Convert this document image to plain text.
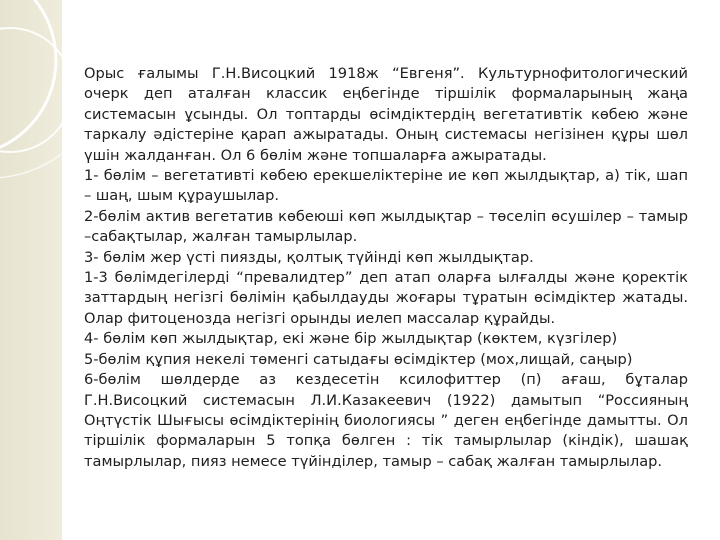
Орыс ғалымы Г.Н.Висоцкий 1918ж “Евгеня”. Культурнофитологический очерк деп аталған классик еңбегінде тіршілік формаларының жаңа системасын ұсынды. Ол топтарды өсімдіктердің вегетативтік көбею және таркалу әдістеріне қарап ажыратады. Оның системасы негізінен құры шөл үшін жалданған. Ол 6 бөлім және топшаларға ажыратады.

1- бөлім – вегетативті көбею ерекшеліктеріне ие көп жылдықтар, а) тік, шап – шаң, шым құраушылар.

2-бөлім актив вегетатив көбеюші көп жылдықтар – төселіп өсушілер – тамыр –сабақтылар, жалған тамырлылар.

3- бөлім жер үсті пиязды, қолтық түйінді көп жылдықтар.

1-3 бөлімдегілерді “превалидтер” деп атап оларға ылғалды және қоректік заттардың негізгі бөлімін қабылдауды жоғары тұратын өсімдіктер жатады. Олар фитоценозда негізгі орынды иелеп массалар құрайды.

4- бөлім көп жылдықтар, екі және бір жылдықтар (көктем, күзгілер)

5-бөлім құпия некелі төменгі сатыдағы өсімдіктер (мох,лищай, саңыр)

6-бөлім шөлдерде аз кездесетін ксилофиттер (п) ағаш, бұталар Г.Н.Висоцкий системасын Л.И.Казакеевич (1922) дамытып “Россияның Оңтүстік Шығысы өсімдіктерінің биологиясы ” деген еңбегінде дамытты. Ол тіршілік формаларын 5 топқа бөлген : тік тамырлылар (кіндік), шашақ тамырлылар, пияз немесе түйінділер, тамыр – сабақ жалған тамырлылар.
